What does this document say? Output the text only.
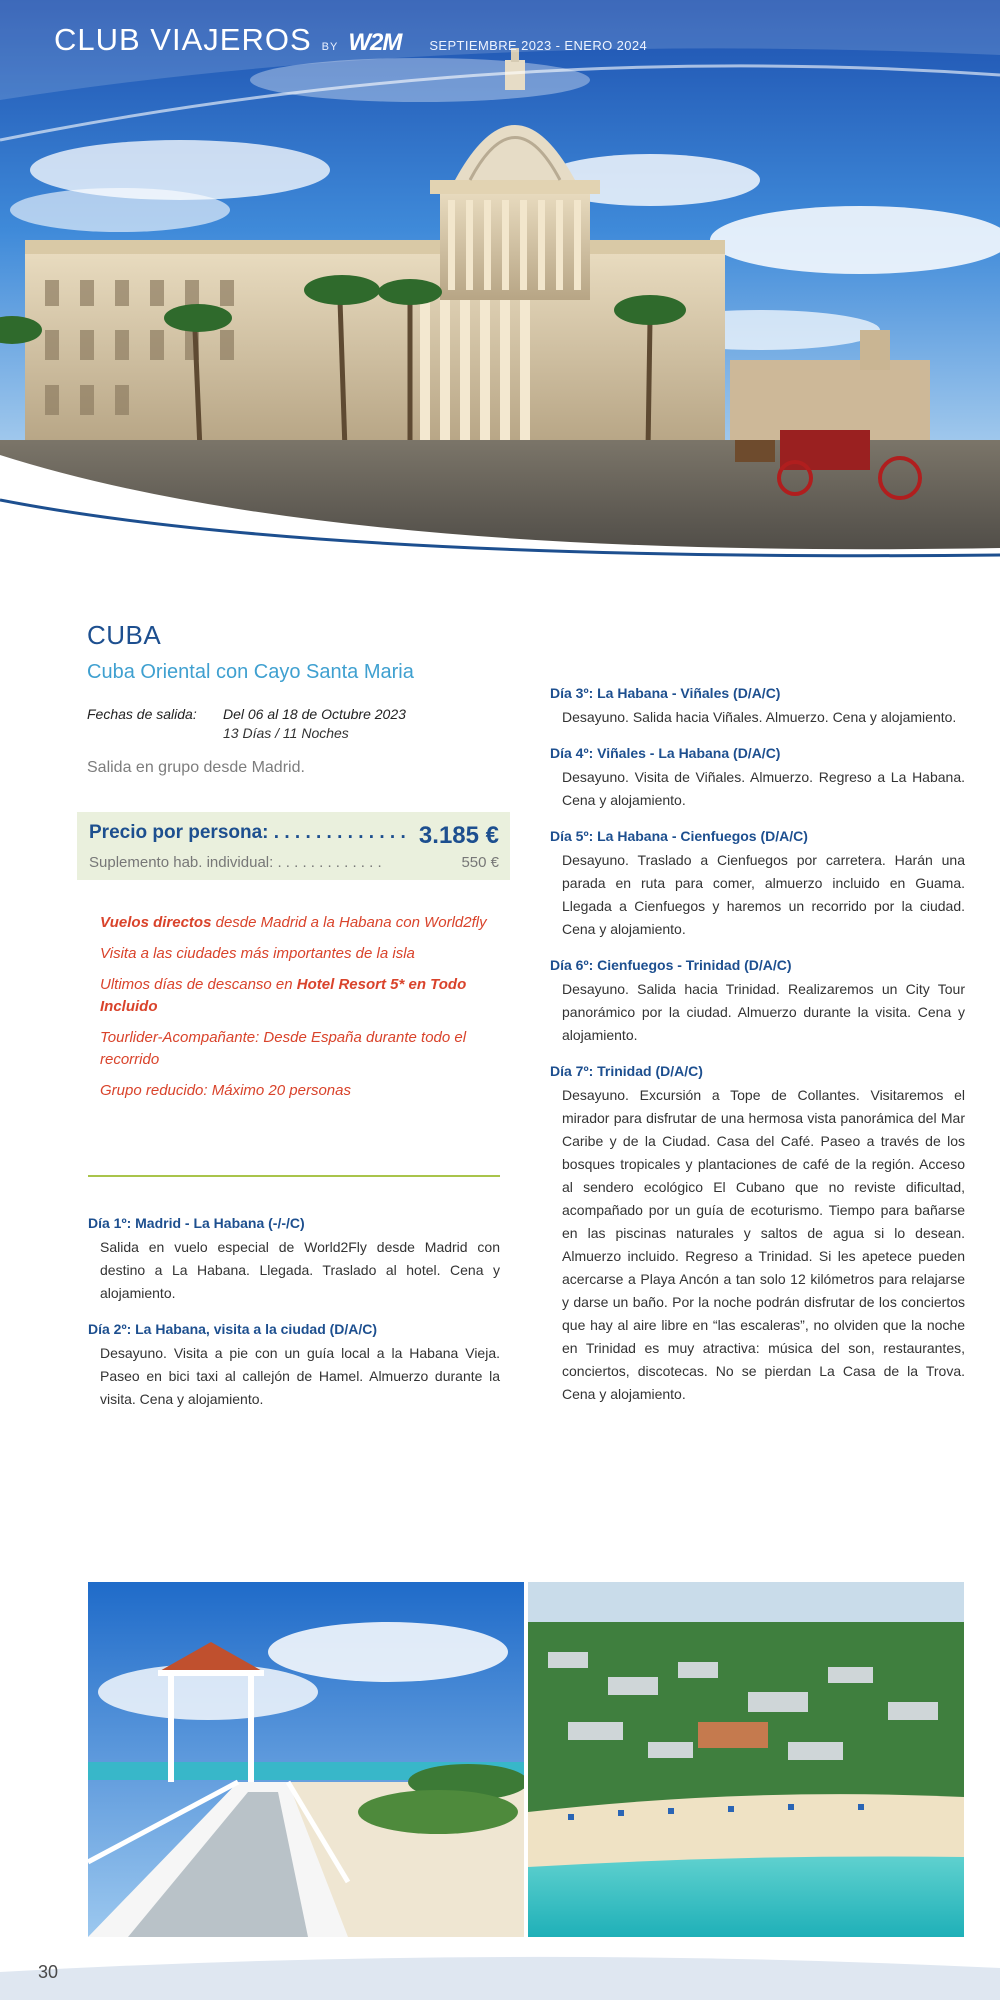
CLUB VIAJEROS BY W2M SEPTIEMBRE 2023 - ENERO 2024
CUBA
Cuba Oriental con Cayo Santa Maria
Fechas de salida:	Del 06 al 18 de Octubre 2023
13 Días / 11 Noches
Salida en grupo desde Madrid.
Precio por persona: . . . . . . . . . . . . . 3.185 €
Suplemento hab. individual: . . . . . . . . . . . . .	550 €
Vuelos directos desde Madrid a la Habana con World2fly
Visita a las ciudades más importantes de la isla
Ultimos días de descanso en Hotel Resort 5* en Todo Incluido
Tourlider-Acompañante: Desde España durante todo el recorrido
Grupo reducido: Máximo 20 personas
Día 1º: Madrid - La Habana (-/-/C)

Salida en vuelo especial de World2Fly desde Madrid con destino a La Habana. Llegada. Traslado al hotel. Cena y alojamiento.

Día 2º: La Habana, visita a la ciudad (D/A/C)

Desayuno. Visita a pie con un guía local a la Habana Vieja. Paseo en bici taxi al callejón de Hamel. Almuerzo durante la visita. Cena y alojamiento.

Día 3º: La Habana - Viñales (D/A/C)

Desayuno. Salida hacia Viñales. Almuerzo. Cena y alojamiento.

Día 4º: Viñales - La Habana (D/A/C)

Desayuno. Visita de Viñales. Almuerzo. Regreso a La Habana. Cena y alojamiento.

Día 5º: La Habana - Cienfuegos (D/A/C)

Desayuno. Traslado a Cienfuegos por carretera. Harán una parada en ruta para comer, almuerzo incluido en Guama. Llegada a Cienfuegos y haremos un recorrido por la ciudad. Cena y alojamiento.

Día 6º: Cienfuegos - Trinidad (D/A/C)

Desayuno. Salida hacia Trinidad. Realizaremos un City Tour panorámico por la ciudad. Almuerzo durante la visita. Cena y alojamiento.

Día 7º: Trinidad (D/A/C)

Desayuno. Excursión a Tope de Collantes. Visitaremos el mirador para disfrutar de una hermosa vista panorámica del Mar Caribe y de la Ciudad. Casa del Café. Paseo a través de los bosques tropicales y plantaciones de café de la región. Acceso al sendero ecológico El Cubano que no reviste dificultad, acompañado por un guía de ecoturismo. Tiempo para bañarse en las piscinas naturales y saltos de agua si lo desean. Almuerzo incluido. Regreso a Trinidad. Si les apetece pueden acercarse a Playa Ancón a tan solo 12 kilómetros para relajarse y darse un baño. Por la noche podrán disfrutar de los conciertos que hay al aire libre en “las escaleras”, no olviden que la noche en Trinidad es muy atractiva: música del son, restaurantes, conciertos, discotecas. No se pierdan La Casa de la Trova. Cena y alojamiento.

30
